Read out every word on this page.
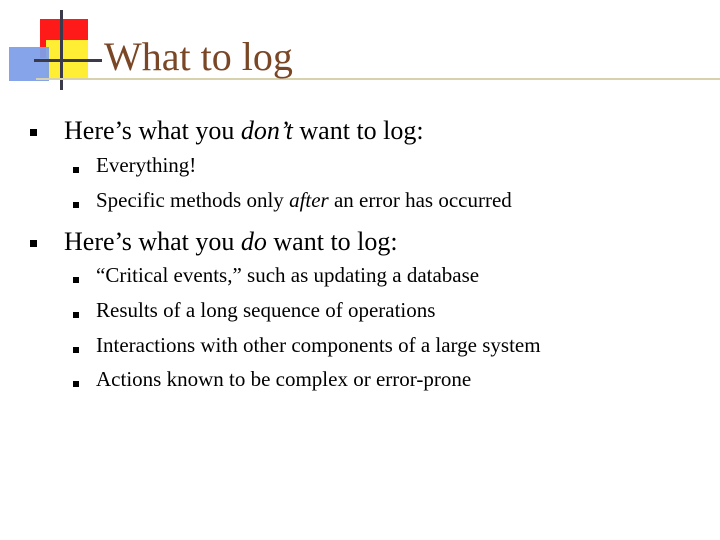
What to log
Here’s what you don’t want to log:
Everything!
Specific methods only after an error has occurred
Here’s what you do want to log:
“Critical events,” such as updating a database
Results of a long sequence of operations
Interactions with other components of a large system
Actions known to be complex or error-prone
